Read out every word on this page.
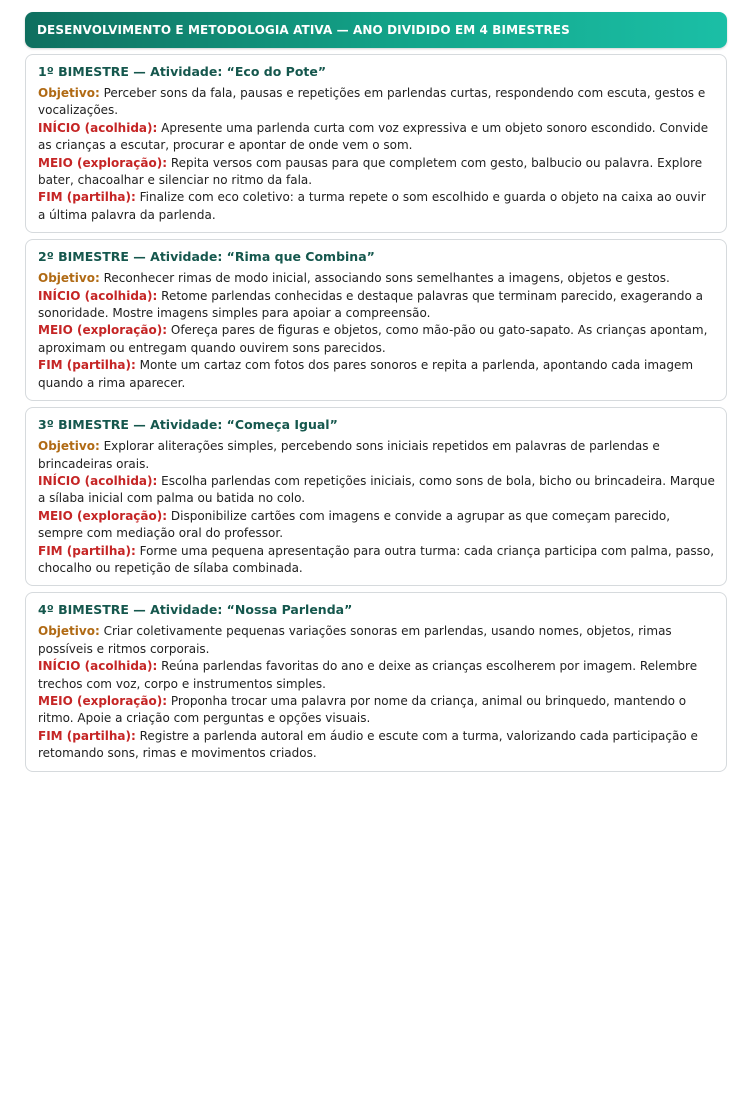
DESENVOLVIMENTO E METODOLOGIA ATIVA — ANO DIVIDIDO EM 4 BIMESTRES

1º BIMESTRE — Atividade: “Eco do Pote”

Objetivo: Perceber sons da fala, pausas e repetições em parlendas curtas, respondendo com escuta, gestos e vocalizações.

INÍCIO (acolhida): Apresente uma parlenda curta com voz expressiva e um objeto sonoro escondido. Convide as crianças a escutar, procurar e apontar de onde vem o som.

MEIO (exploração): Repita versos com pausas para que completem com gesto, balbucio ou palavra. Explore bater, chacoalhar e silenciar no ritmo da fala.

FIM (partilha): Finalize com eco coletivo: a turma repete o som escolhido e guarda o objeto na caixa ao ouvir a última palavra da parlenda.

2º BIMESTRE — Atividade: “Rima que Combina”

Objetivo: Reconhecer rimas de modo inicial, associando sons semelhantes a imagens, objetos e gestos.

INÍCIO (acolhida): Retome parlendas conhecidas e destaque palavras que terminam parecido, exagerando a sonoridade. Mostre imagens simples para apoiar a compreensão.

MEIO (exploração): Ofereça pares de figuras e objetos, como mão-pão ou gato-sapato. As crianças apontam, aproximam ou entregam quando ouvirem sons parecidos.

FIM (partilha): Monte um cartaz com fotos dos pares sonoros e repita a parlenda, apontando cada imagem quando a rima aparecer.

3º BIMESTRE — Atividade: “Começa Igual”

Objetivo: Explorar aliterações simples, percebendo sons iniciais repetidos em palavras de parlendas e brincadeiras orais.

INÍCIO (acolhida): Escolha parlendas com repetições iniciais, como sons de bola, bicho ou brincadeira. Marque a sílaba inicial com palma ou batida no colo.

MEIO (exploração): Disponibilize cartões com imagens e convide a agrupar as que começam parecido, sempre com mediação oral do professor.

FIM (partilha): Forme uma pequena apresentação para outra turma: cada criança participa com palma, passo, chocalho ou repetição de sílaba combinada.

4º BIMESTRE — Atividade: “Nossa Parlenda”

Objetivo: Criar coletivamente pequenas variações sonoras em parlendas, usando nomes, objetos, rimas possíveis e ritmos corporais.

INÍCIO (acolhida): Reúna parlendas favoritas do ano e deixe as crianças escolherem por imagem. Relembre trechos com voz, corpo e instrumentos simples.

MEIO (exploração): Proponha trocar uma palavra por nome da criança, animal ou brinquedo, mantendo o ritmo. Apoie a criação com perguntas e opções visuais.

FIM (partilha): Registre a parlenda autoral em áudio e escute com a turma, valorizando cada participação e retomando sons, rimas e movimentos criados.
